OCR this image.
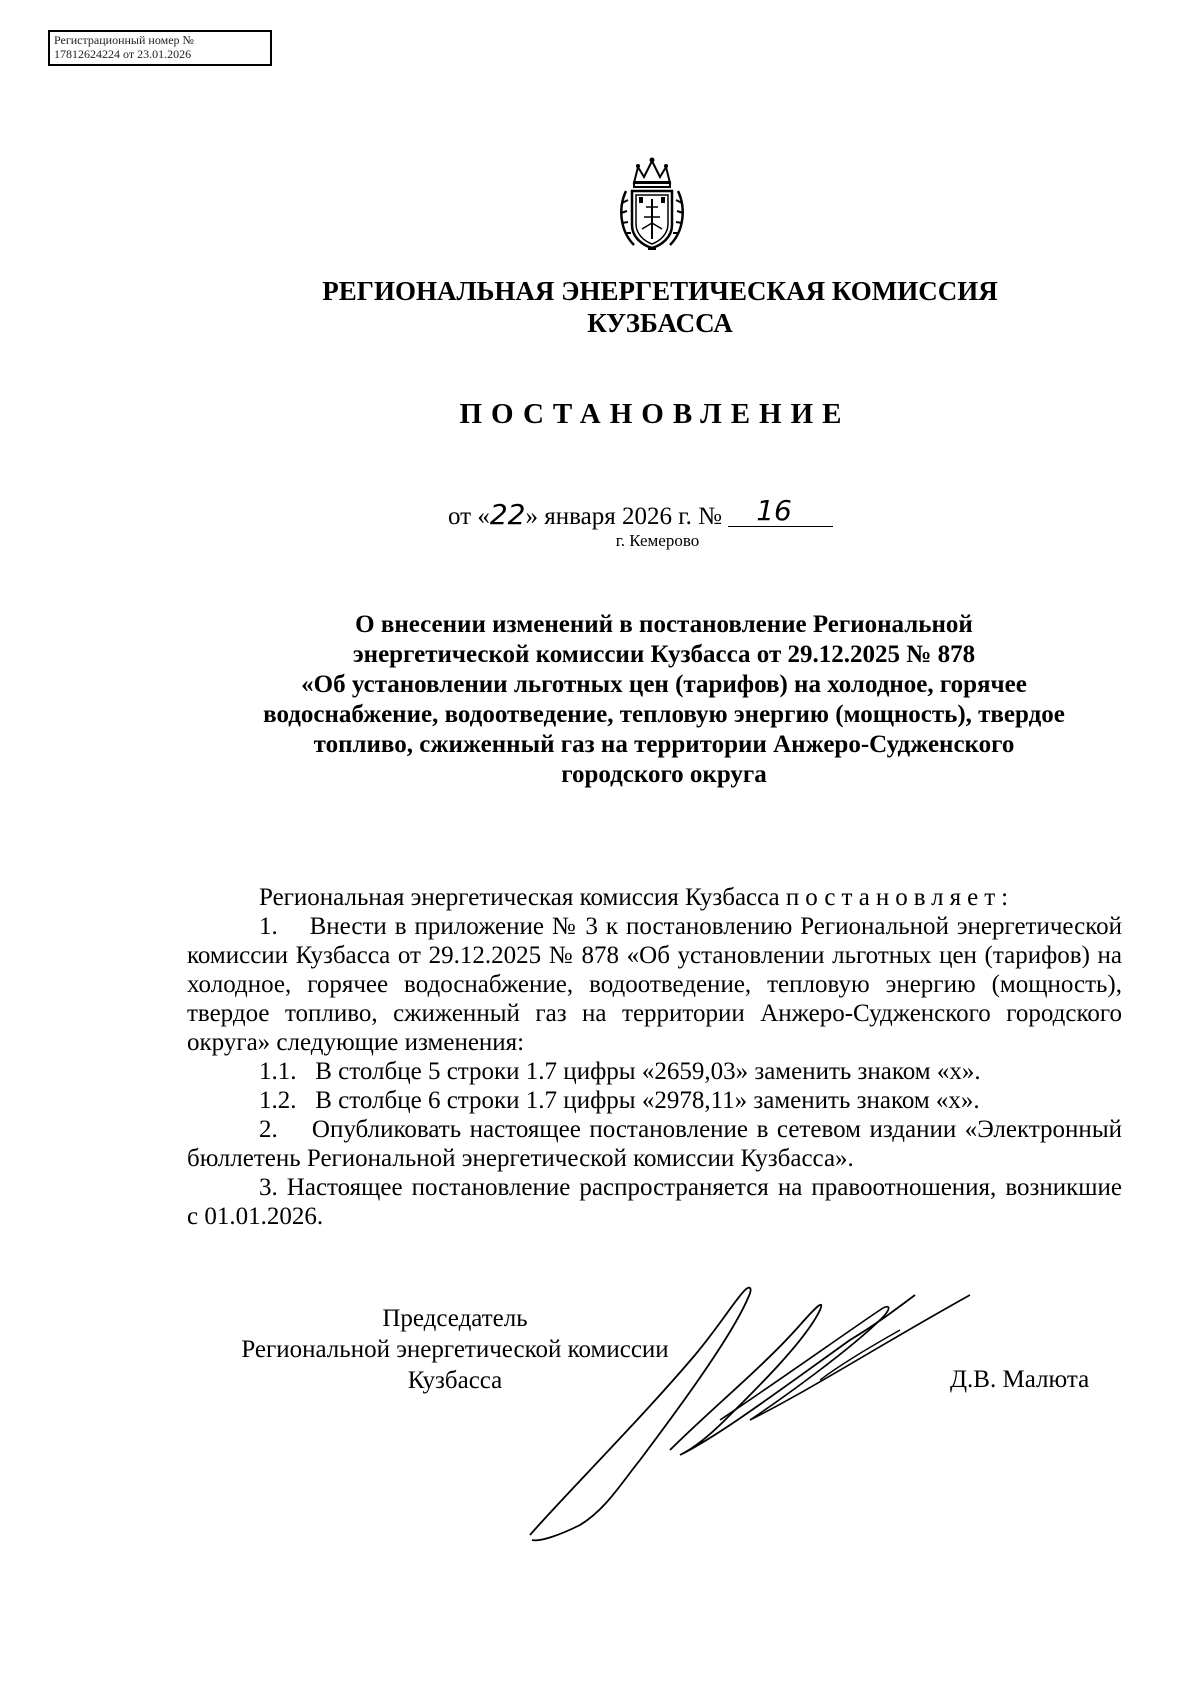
Регистрационный номер №
17812624224 от 23.01.2026
РЕГИОНАЛЬНАЯ ЭНЕРГЕТИЧЕСКАЯ КОМИССИЯ
КУЗБАССА
ПОСТАНОВЛЕНИЕ
от «22» января 2026 г. № 16
г. Кемерово
О внесении изменений в постановление Региональной
энергетической комиссии Кузбасса от 29.12.2025 № 878
«Об установлении льготных цен (тарифов) на холодное, горячее
водоснабжение, водоотведение, тепловую энергию (мощность), твердое
топливо, сжиженный газ на территории Анжеро-Судженского
городского округа

Региональная энергетическая комиссия Кузбасса постановляет:

1.    Внести в приложение № 3 к постановлению Региональной энергетической комиссии Кузбасса от 29.12.2025 № 878 «Об установлении льготных цен (тарифов) на холодное, горячее водоснабжение, водоотведение, тепловую энергию (мощность), твердое топливо, сжиженный газ на территории Анжеро-Судженского городского округа» следующие изменения:

1.1.   В столбце 5 строки 1.7 цифры «2659,03» заменить знаком «х».

1.2.   В столбце 6 строки 1.7 цифры «2978,11» заменить знаком «х».

2.    Опубликовать настоящее постановление в сетевом издании «Электронный бюллетень Региональной энергетической комиссии Кузбасса».

3. Настоящее постановление распространяется на правоотношения, возникшие с 01.01.2026.

Председатель
Региональной энергетической комиссии
Кузбасса	Д.В. Малюта
